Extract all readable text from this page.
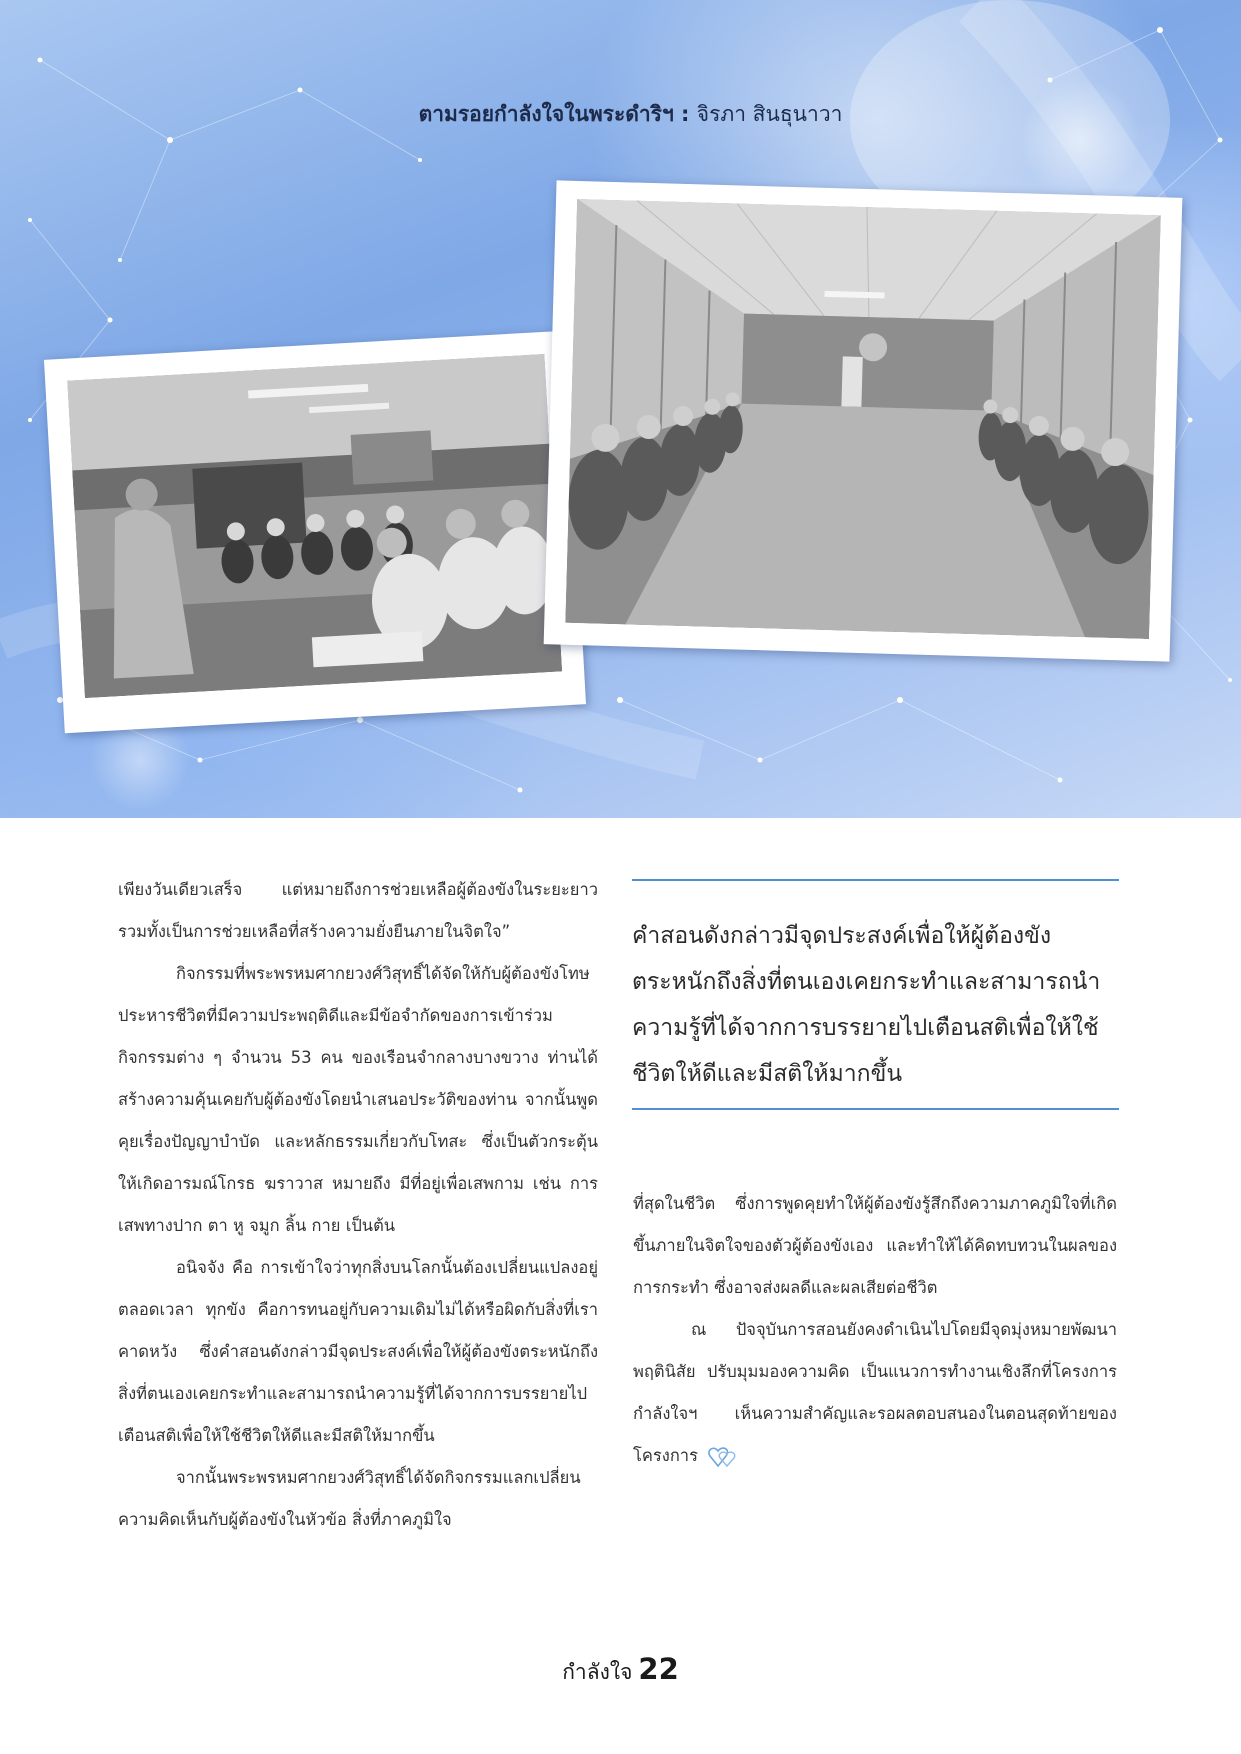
ตามรอยกำลังใจในพระดำริฯ : จิรภา สินธุนาวา

เพียงวันเดียวเสร็จ แต่หมายถึงการช่วยเหลือผู้ต้องขังในระยะยาว รวมทั้งเป็นการช่วยเหลือที่สร้างความยั่งยืนภายในจิตใจ”

กิจกรรมที่พระพรหมศากยวงศ์วิสุทธิ์ได้จัดให้กับผู้ต้องขังโทษประหารชีวิตที่มีความประพฤติดีและมีข้อจำกัดของการเข้าร่วมกิจกรรมต่าง ๆ จำนวน 53 คน ของเรือนจำกลางบางขวาง ท่านได้สร้างความคุ้นเคยกับผู้ต้องขังโดยนำเสนอประวัติของท่าน จากนั้นพูดคุยเรื่องปัญญาบำบัด และหลักธรรมเกี่ยวกับโทสะ ซึ่งเป็นตัวกระตุ้นให้เกิดอารมณ์โกรธ ฆราวาส หมายถึง มีที่อยู่เพื่อเสพกาม เช่น การเสพทางปาก ตา หู จมูก ลิ้น กาย เป็นต้น

อนิจจัง คือ การเข้าใจว่าทุกสิ่งบนโลกนั้นต้องเปลี่ยนแปลงอยู่ตลอดเวลา ทุกขัง คือการทนอยู่กับความเดิมไม่ได้หรือผิดกับสิ่งที่เราคาดหวัง ซึ่งคำสอนดังกล่าวมีจุดประสงค์เพื่อให้ผู้ต้องขังตระหนักถึงสิ่งที่ตนเองเคยกระทำและสามารถนำความรู้ที่ได้จากการบรรยายไปเตือนสติเพื่อให้ใช้ชีวิตให้ดีและมีสติให้มากขึ้น

จากนั้นพระพรหมศากยวงศ์วิสุทธิ์ได้จัดกิจกรรมแลกเปลี่ยนความคิดเห็นกับผู้ต้องขังในหัวข้อ สิ่งที่ภาคภูมิใจ

คำสอนดังกล่าวมีจุดประสงค์เพื่อให้ผู้ต้องขังตระหนักถึงสิ่งที่ตนเองเคยกระทำและสามารถนำความรู้ที่ได้จากการบรรยายไปเตือนสติเพื่อให้ใช้ชีวิตให้ดีและมีสติให้มากขึ้น

ที่สุดในชีวิต ซึ่งการพูดคุยทำให้ผู้ต้องขังรู้สึกถึงความภาคภูมิใจที่เกิดขึ้นภายในจิตใจของตัวผู้ต้องขังเอง และทำให้ได้คิดทบทวนในผลของการกระทำ ซึ่งอาจส่งผลดีและผลเสียต่อชีวิต

ณ ปัจจุบันการสอนยังคงดำเนินไปโดยมีจุดมุ่งหมายพัฒนาพฤตินิสัย ปรับมุมมองความคิด เป็นแนวการทำงานเชิงลึกที่โครงการกำลังใจฯ เห็นความสำคัญและรอผลตอบสนองในตอนสุดท้ายของโครงการ

กำลังใจ 22
